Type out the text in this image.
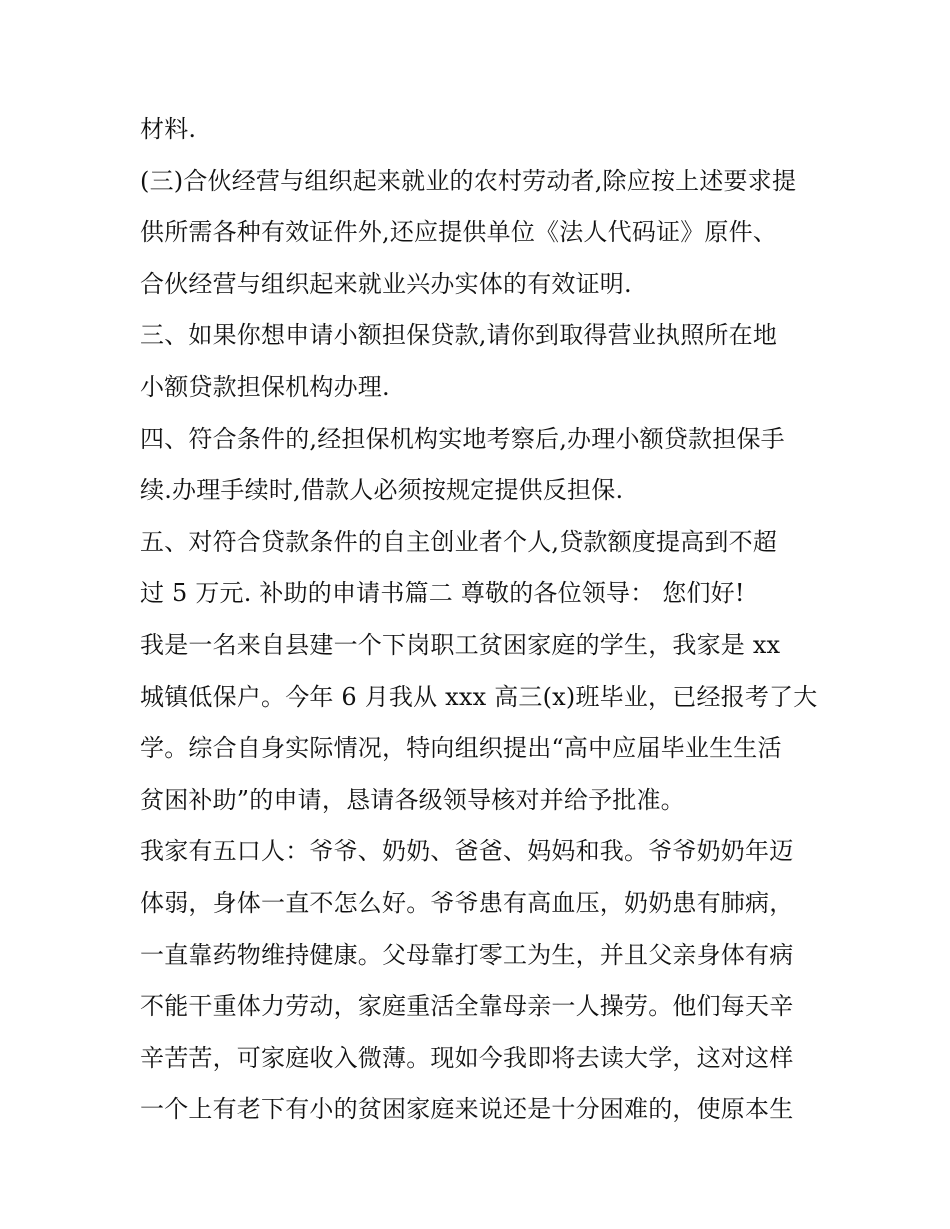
材料.
(三)合伙经营与组织起来就业的农村劳动者,除应按上述要求提
供所需各种有效证件外,还应提供单位《法人代码证》原件、
合伙经营与组织起来就业兴办实体的有效证明.
三、如果你想申请小额担保贷款,请你到取得营业执照所在地
小额贷款担保机构办理.
四、符合条件的,经担保机构实地考察后,办理小额贷款担保手
续.办理手续时,借款人必须按规定提供反担保.
五、对符合贷款条件的自主创业者个人,贷款额度提高到不超
过 5 万元. 补助的申请书篇二 尊敬的各位领导： 您们好!
我是一名来自县建一个下岗职工贫困家庭的学生，我家是 xx
城镇低保户。今年 6 月我从 xxx 高三(x)班毕业，已经报考了大
学。综合自身实际情况，特向组织提出“高中应届毕业生生活
贫困补助”的申请，恳请各级领导核对并给予批准。
我家有五口人：爷爷、奶奶、爸爸、妈妈和我。爷爷奶奶年迈
体弱，身体一直不怎么好。爷爷患有高血压，奶奶患有肺病，
一直靠药物维持健康。父母靠打零工为生，并且父亲身体有病
不能干重体力劳动，家庭重活全靠母亲一人操劳。他们每天辛
辛苦苦，可家庭收入微薄。现如今我即将去读大学，这对这样
一个上有老下有小的贫困家庭来说还是十分困难的，使原本生
